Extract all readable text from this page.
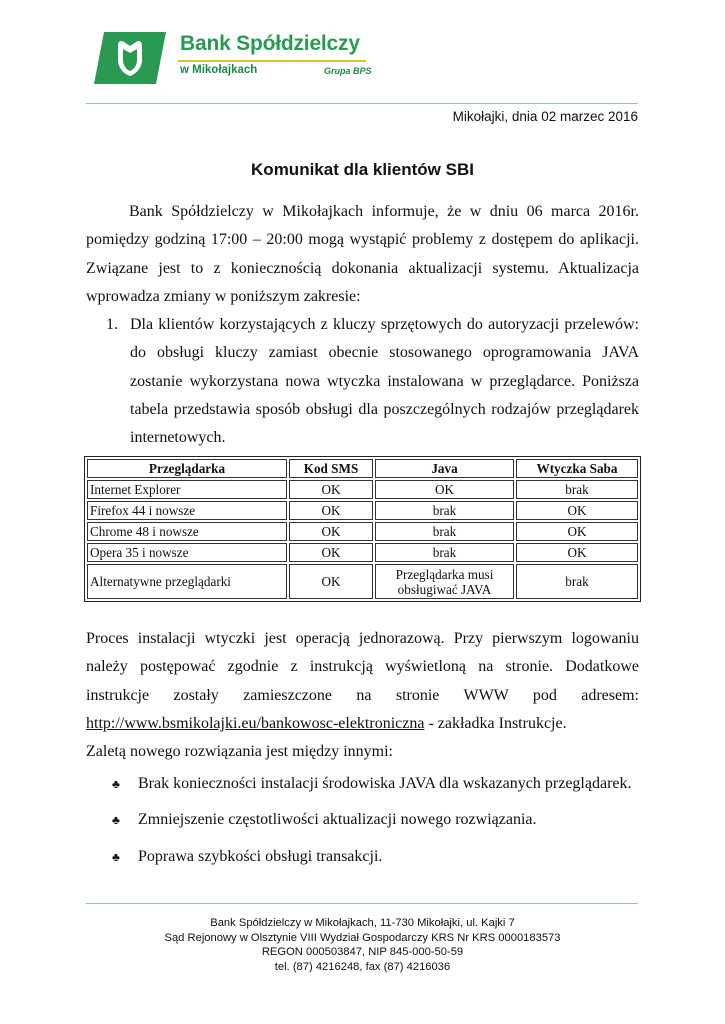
Bank Spółdzielczy
w Mikołajkach	Grupa BPS
Mikołajki, dnia 02 marzec 2016
Komunikat dla klientów SBI
Bank Spółdzielczy w Mikołajkach informuje, że w dniu 06 marca 2016r. pomiędzy godziną 17:00 – 20:00 mogą wystąpić problemy z dostępem do aplikacji. Związane jest to z koniecznością dokonania aktualizacji systemu. Aktualizacja wprowadza zmiany w poniższym zakresie:
1. Dla klientów korzystających z kluczy sprzętowych do autoryzacji przelewów: do obsługi kluczy zamiast obecnie stosowanego oprogramowania JAVA zostanie wykorzystana nowa wtyczka instalowana w przeglądarce. Poniższa tabela przedstawia sposób obsługi dla poszczególnych rodzajów przeglądarek internetowych.
Przeglądarka	Kod SMS	Java	Wtyczka Saba
Internet Explorer	OK	OK	brak
Firefox 44 i nowsze	OK	brak	OK
Chrome 48 i nowsze	OK	brak	OK
Opera 35 i nowsze	OK	brak	OK
Alternatywne przeglądarki	OK	Przeglądarka musi obsługiwać JAVA	brak
Proces instalacji wtyczki jest operacją jednorazową. Przy pierwszym logowaniu należy postępować zgodnie z instrukcją wyświetloną na stronie. Dodatkowe instrukcje zostały zamieszczone na stronie WWW pod adresem: http://www.bsmikolajki.eu/bankowosc-elektroniczna - zakładka Instrukcje.
Zaletą nowego rozwiązania jest między innymi:
♣ Brak konieczności instalacji środowiska JAVA dla wskazanych przeglądarek.
♣ Zmniejszenie częstotliwości aktualizacji nowego rozwiązania.
♣ Poprawa szybkości obsługi transakcji.
Bank Spółdzielczy w Mikołajkach, 11-730 Mikołajki, ul. Kajki 7
Sąd Rejonowy w Olsztynie VIII Wydział Gospodarczy KRS Nr KRS 0000183573
REGON 000503847, NIP 845-000-50-59
tel. (87) 4216248, fax (87) 4216036
